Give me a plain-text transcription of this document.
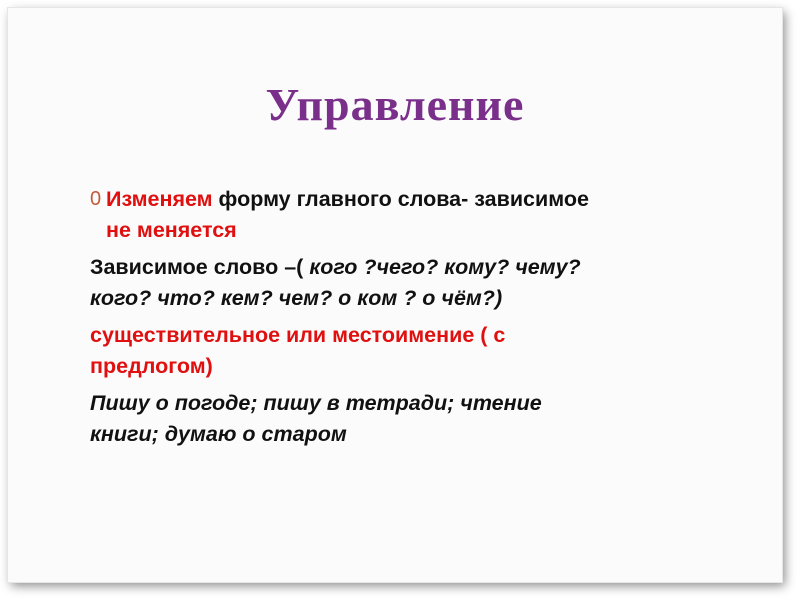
Управление
0 Изменяем форму главного слова- зависимое
не меняется
Зависимое слово –( кого ?чего? кому? чему?
кого? что? кем? чем? о ком ? о чём?)
существительное или местоимение ( с
предлогом)
Пишу о погоде; пишу в тетради; чтение
книги; думаю о старом
